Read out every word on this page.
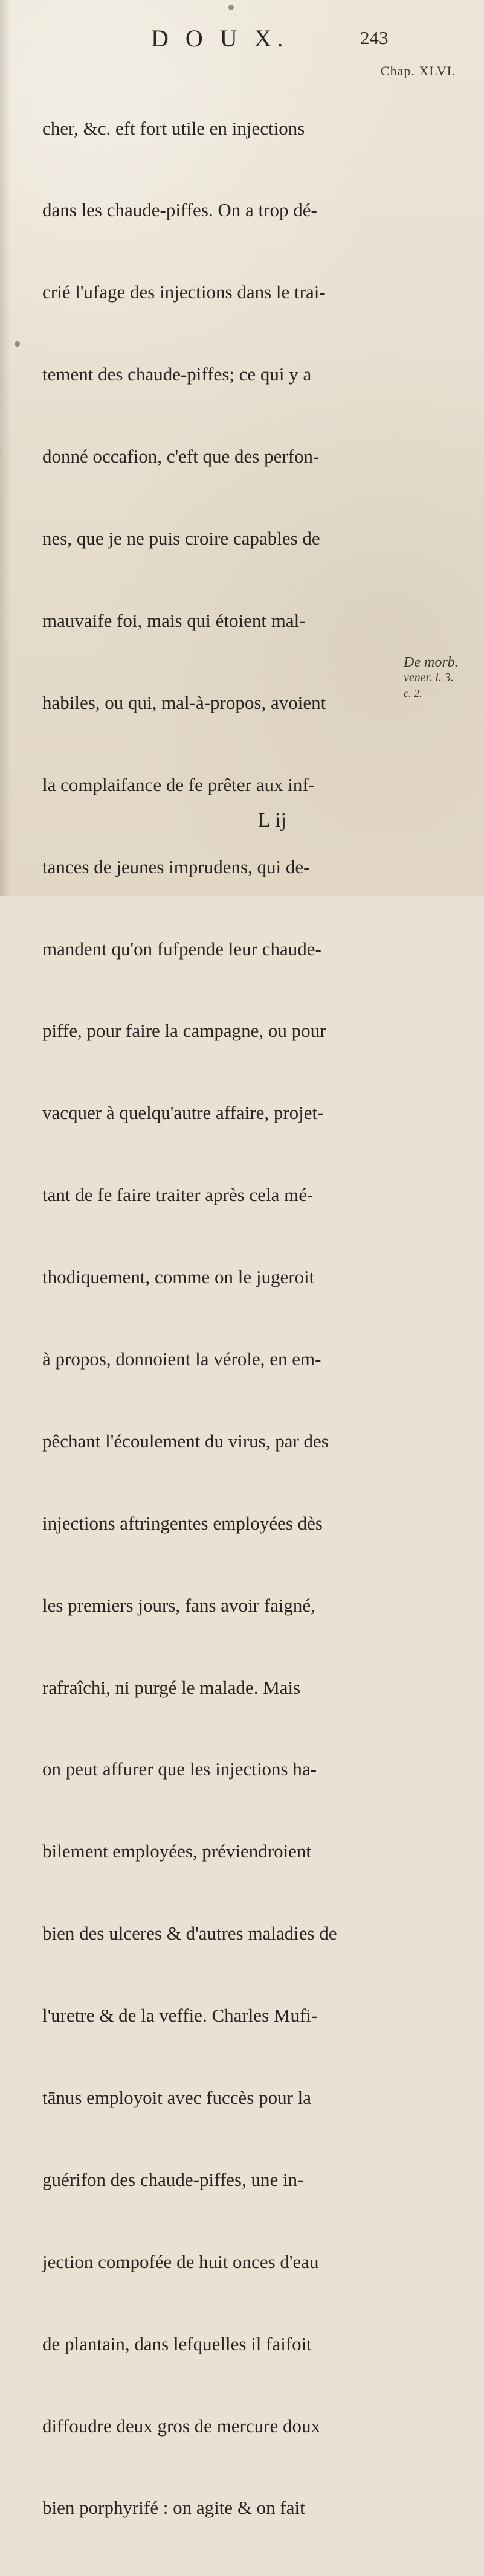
D O U X.	243
Chap. XLVI.

cher, &c. eft fort utile en injections

dans les chaude-piffes. On a trop dé-

crié l'ufage des injections dans le trai-

tement des chaude-piffes; ce qui y a

donné occafion, c'eft que des perfon-

nes, que je ne puis croire capables de

mauvaife foi, mais qui étoient mal-

habiles, ou qui, mal-à-propos, avoient

la complaifance de fe prêter aux inf-

tances de jeunes imprudens, qui de-

mandent qu'on fufpende leur chaude-

piffe, pour faire la campagne, ou pour

vacquer à quelqu'autre affaire, projet-

tant de fe faire traiter après cela mé-

thodiquement, comme on le jugeroit

à propos, donnoient la vérole, en em-

pêchant l'écoulement du virus, par des

injections aftringentes employées dès

les premiers jours, fans avoir faigné,

rafraîchi, ni purgé le malade. Mais

on peut affurer que les injections ha-

bilement employées, préviendroient

bien des ulceres & d'autres maladies de

l'uretre & de la veffie. Charles Mufi-

tānus employoit avec fuccès pour la

guérifon des chaude-piffes, une in-

jection compofée de huit onces d'eau

de plantain, dans lefquelles il faifoit

diffoudre deux gros de mercure doux

bien porphyrifé : on agite & on fait

De morb.
vener. l. 3.
c. 2.
L ij
